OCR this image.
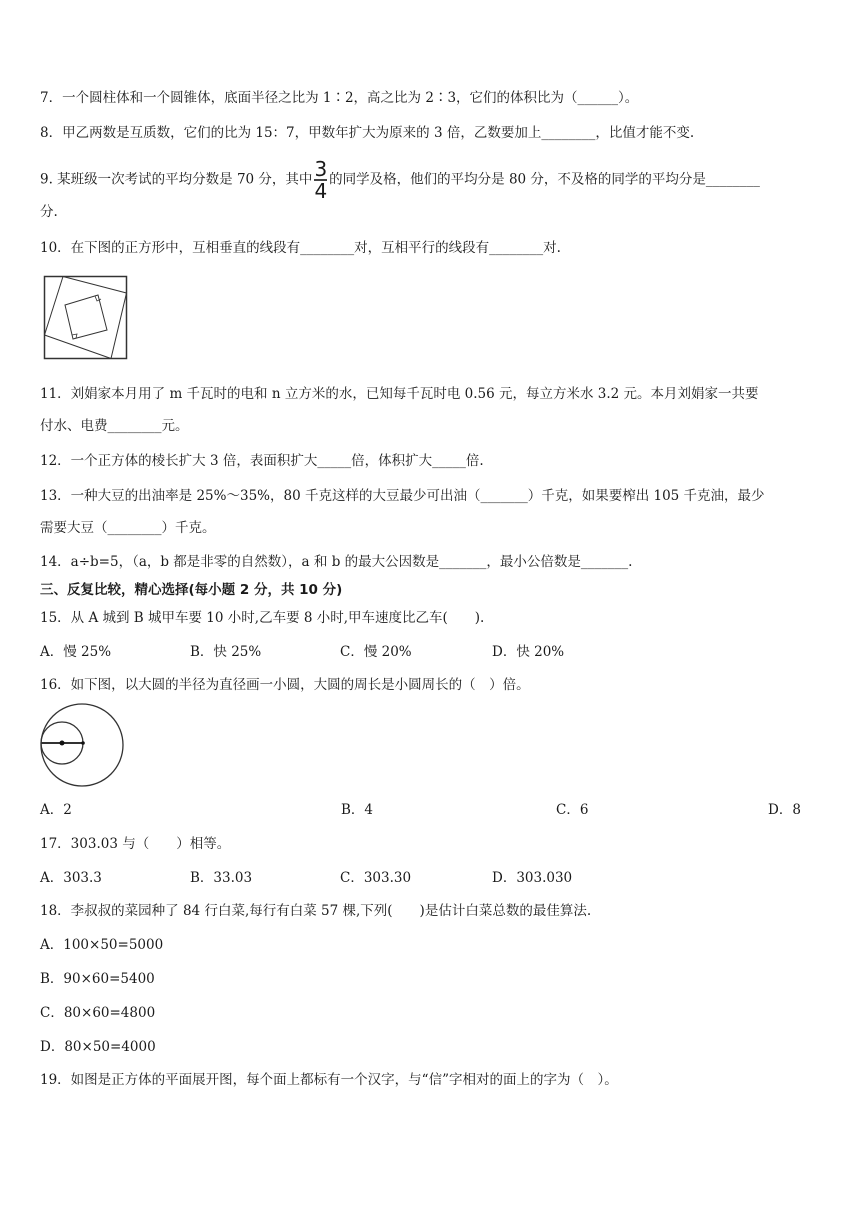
7．一个圆柱体和一个圆锥体，底面半径之比为 1∶2，高之比为 2∶3，它们的体积比为（______）。
8．甲乙两数是互质数，它们的比为 15：7，甲数年扩大为原来的 3 倍，乙数要加上________，比值才能不变.
9. 某班级一次考试的平均分数是 70 分，其中 $\frac{3}{4}$ 的同学及格，他们的平均分是 80 分，不及格的同学的平均分是________
分.
10．在下图的正方形中，互相垂直的线段有________对，互相平行的线段有________对.
11．刘娟家本月用了 m 千瓦时的电和 n 立方米的水，已知每千瓦时电 0.56 元，每立方米水 3.2 元。本月刘娟家一共要
付水、电费________元。
12．一个正方体的棱长扩大 3 倍，表面积扩大_____倍，体积扩大_____倍.
13．一种大豆的出油率是 25%～35%，80 千克这样的大豆最少可出油（_______）千克，如果要榨出 105 千克油，最少
需要大豆（________）千克。
14．a÷b=5，（a，b 都是非零的自然数），a 和 b 的最大公因数是_______，最小公倍数是_______.
三、反复比较，精心选择(每小题 2 分，共 10 分)
15．从 A 城到 B 城甲车要 10 小时,乙车要 8 小时,甲车速度比乙车(　　).
A．慢 25%	B．快 25%	C．慢 20%	D．快 20%
16．如下图，以大圆的半径为直径画一小圆，大圆的周长是小圆周长的（　）倍。
A．2	B．4	C．6	D．8
17．303.03 与（　　）相等。
A．303.3	B．33.03	C．303.30	D．303.030
18．李叔叔的菜园种了 84 行白菜,每行有白菜 57 棵,下列(　　)是估计白菜总数的最佳算法.
A．100×50=5000
B．90×60=5400
C．80×60=4800
D．80×50=4000
19．如图是正方体的平面展开图，每个面上都标有一个汉字，与“信”字相对的面上的字为（　）。
